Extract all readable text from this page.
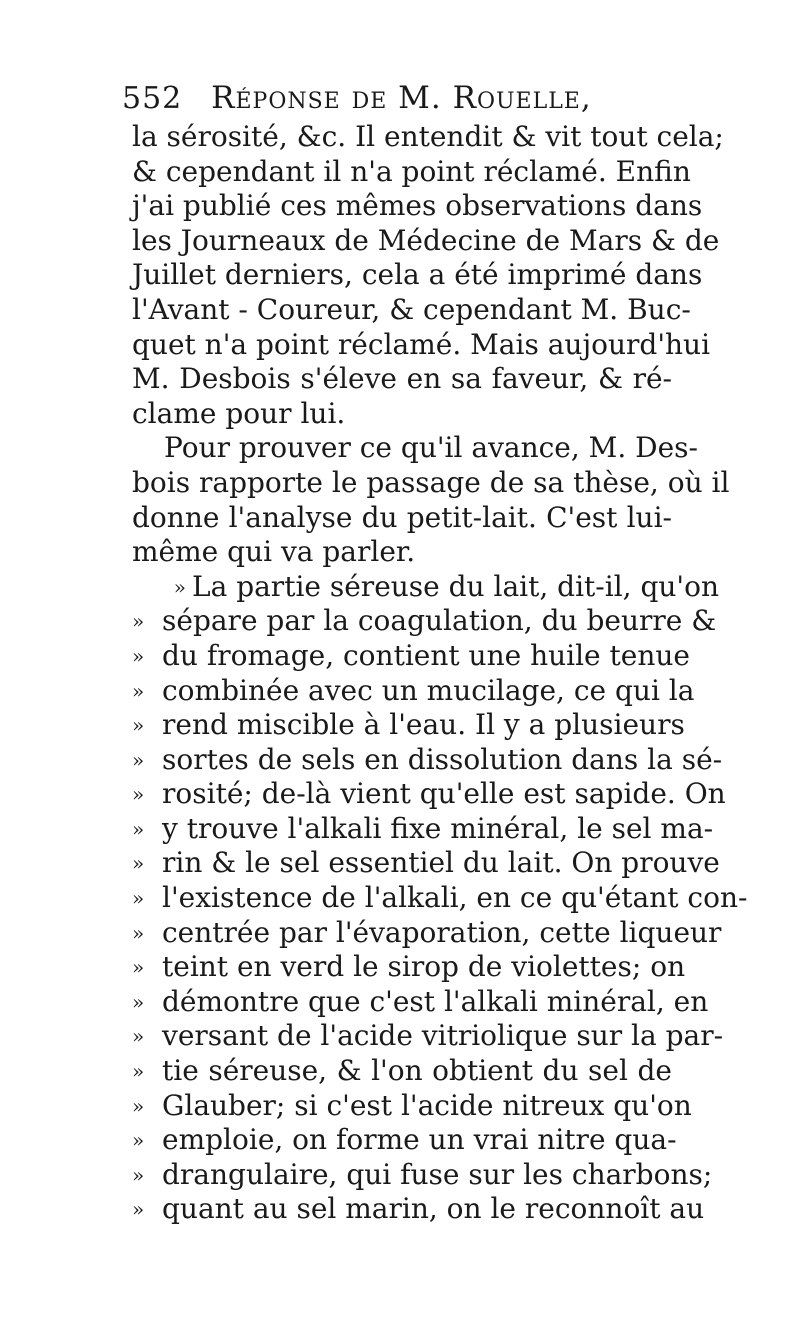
552 Réponse de M. Rouelle,
la sérosité, &c. Il entendit & vit tout cela;
& cependant il n'a point réclamé. Enfin
j'ai publié ces mêmes observations dans
les Journeaux de Médecine de Mars & de
Juillet derniers, cela a été imprimé dans
l'Avant - Coureur, & cependant M. Buc-
quet n'a point réclamé. Mais aujourd'hui
M. Desbois s'éleve en sa faveur, & ré-
clame pour lui.
Pour prouver ce qu'il avance, M. Des-
bois rapporte le passage de sa thèse, où il
donne l'analyse du petit-lait. C'est lui-
même qui va parler.
» La partie séreuse du lait, dit-il, qu'on
» sépare par la coagulation, du beurre &
» du fromage, contient une huile tenue
» combinée avec un mucilage, ce qui la
» rend miscible à l'eau. Il y a plusieurs
» sortes de sels en dissolution dans la sé-
» rosité; de-là vient qu'elle est sapide. On
» y trouve l'alkali fixe minéral, le sel ma-
» rin & le sel essentiel du lait. On prouve
» l'existence de l'alkali, en ce qu'étant con-
» centrée par l'évaporation, cette liqueur
» teint en verd le sirop de violettes; on
» démontre que c'est l'alkali minéral, en
» versant de l'acide vitriolique sur la par-
» tie séreuse, & l'on obtient du sel de
» Glauber; si c'est l'acide nitreux qu'on
» emploie, on forme un vrai nitre qua-
» drangulaire, qui fuse sur les charbons;
» quant au sel marin, on le reconnoît au
